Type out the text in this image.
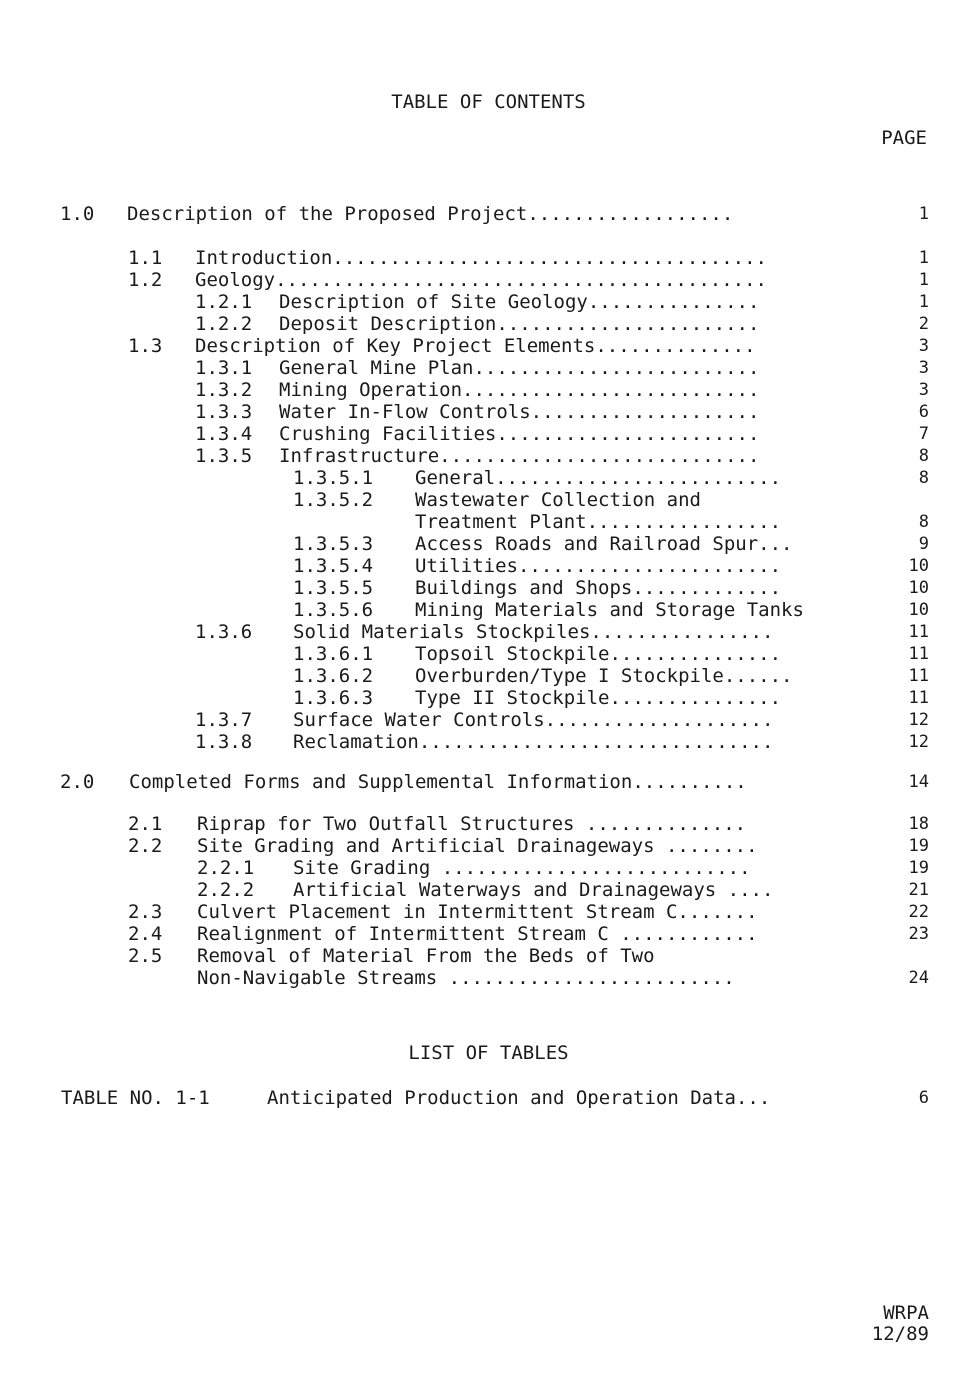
TABLE OF CONTENTS
PAGE
1.0 Description of the Proposed Project..................	1
1.1 Introduction......................................	1
1.2 Geology...........................................	1
1.2.1 Description of Site Geology...............	1
1.2.2 Deposit Description.......................	2
1.3 Description of Key Project Elements..............	3
1.3.1 General Mine Plan.........................	3
1.3.2 Mining Operation..........................	3
1.3.3 Water In-Flow Controls....................	6
1.3.4 Crushing Facilities.......................	7
1.3.5 Infrastructure............................	8
1.3.5.1 General.........................	8
1.3.5.2 Wastewater Collection and
Treatment Plant.................	8
1.3.5.3 Access Roads and Railroad Spur...	9
1.3.5.4 Utilities.......................	10
1.3.5.5 Buildings and Shops.............	10
1.3.5.6 Mining Materials and Storage Tanks	10
1.3.6 Solid Materials Stockpiles................	11
1.3.6.1 Topsoil Stockpile...............	11
1.3.6.2 Overburden/Type I Stockpile......	11
1.3.6.3 Type II Stockpile...............	11
1.3.7 Surface Water Controls....................	12
1.3.8 Reclamation...............................	12
2.0 Completed Forms and Supplemental Information..........	14
2.1 Riprap for Two Outfall Structures ..............	18
2.2 Site Grading and Artificial Drainageways ........	19
2.2.1 Site Grading ...........................	19
2.2.2 Artificial Waterways and Drainageways ....	21
2.3 Culvert Placement in Intermittent Stream C.......	22
2.4 Realignment of Intermittent Stream C ............	23
2.5 Removal of Material From the Beds of Two
Non-Navigable Streams .........................	24
LIST OF TABLES
TABLE NO. 1-1	Anticipated Production and Operation Data...	6
WRPA
12/89
